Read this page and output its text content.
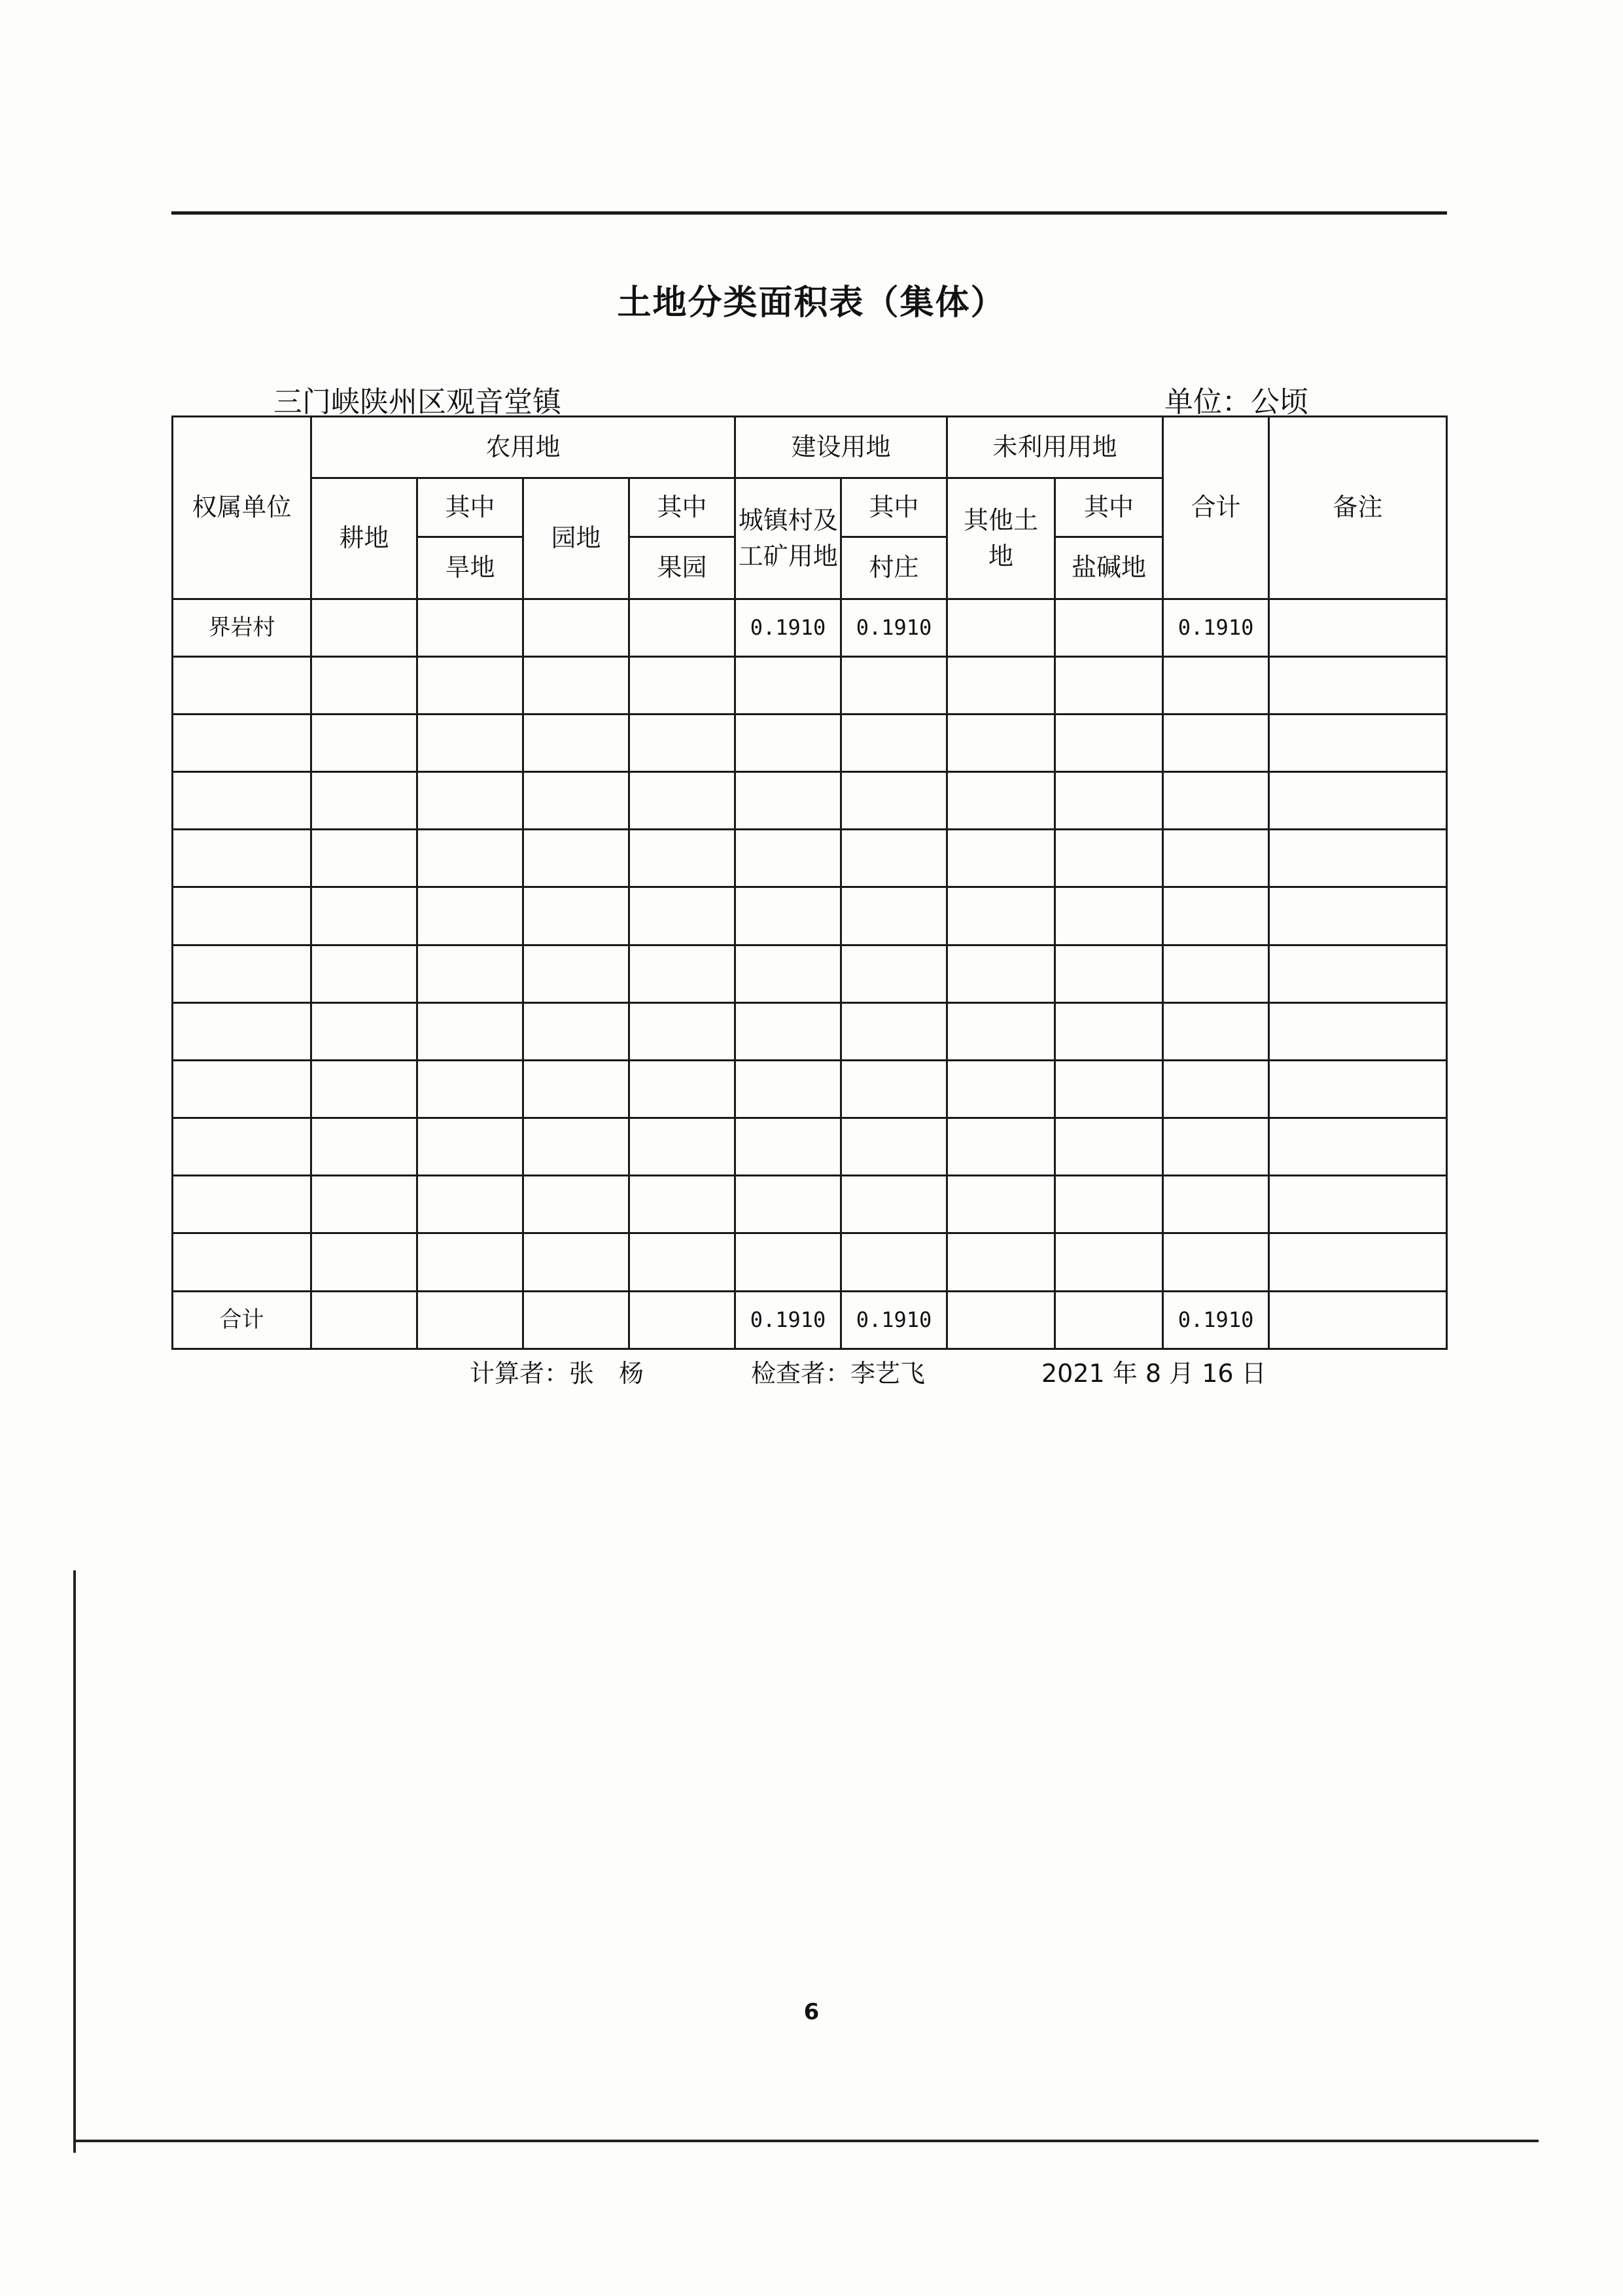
土地分类面积表（集体）
三门峡陕州区观音堂镇	单位：公顷
权属单位	农用地				建设用地		未利用用地		合计	备注
	耕地	其中	园地	其中	城镇村及工矿用地	其中	其他土地	其中		
		旱地		果园		村庄		盐碱地		
界岩村					0.1910	0.1910			0.1910	

合计					0.1910	0.1910			0.1910	
计算者：张　杨	检查者：李艺飞	2021 年 8 月 16 日
6
